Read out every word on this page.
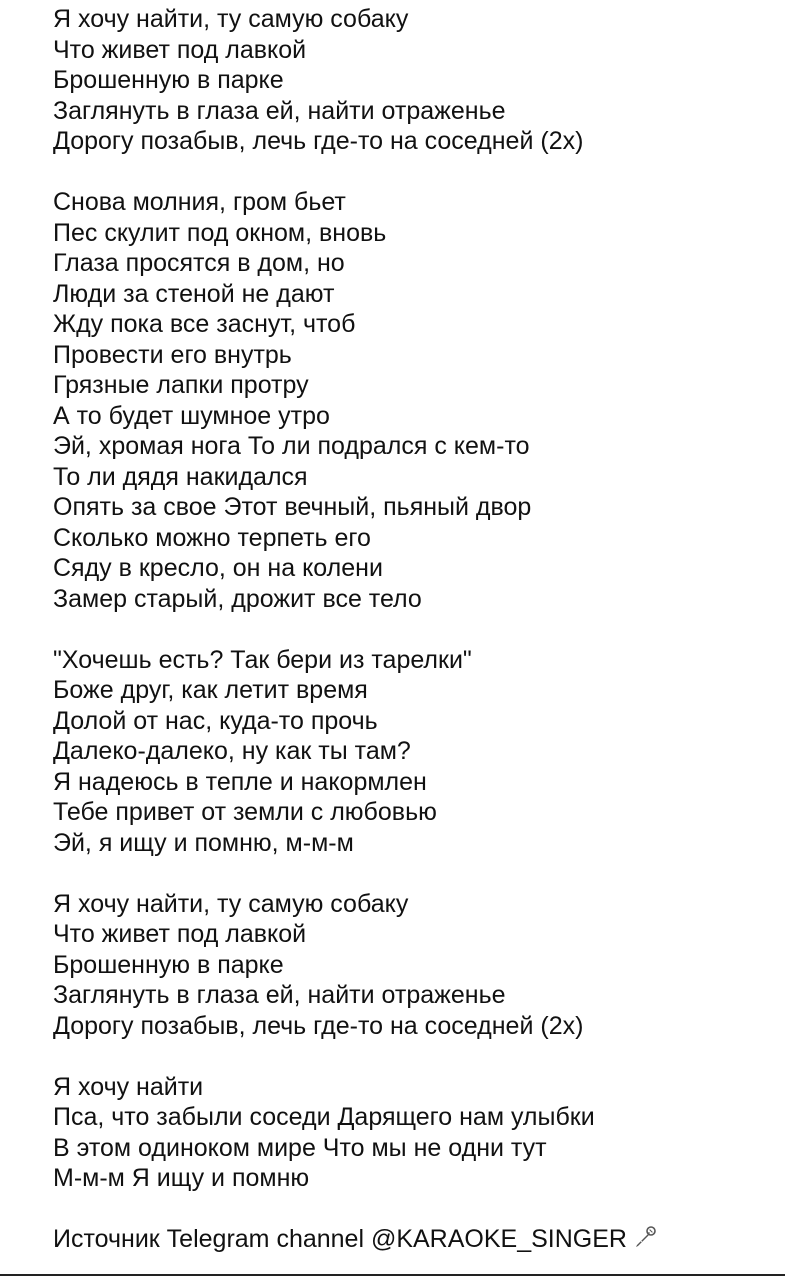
Я хочу найти, ту самую собаку
Что живет под лавкой
Брошенную в парке
Заглянуть в глаза ей, найти отраженье
Дорогу позабыв, лечь где-то на соседней (2x)
Снова молния, гром бьет
Пес скулит под окном, вновь
Глаза просятся в дом, но
Люди за стеной не дают
Жду пока все заснут, чтоб
Провести его внутрь
Грязные лапки протру
А то будет шумное утро
Эй, хромая нога То ли подрался с кем-то
То ли дядя накидался
Опять за свое Этот вечный, пьяный двор
Сколько можно терпеть его
Сяду в кресло, он на колени
Замер старый, дрожит все тело
"Хочешь есть? Так бери из тарелки"
Боже друг, как летит время
Долой от нас, куда-то прочь
Далеко-далеко, ну как ты там?
Я надеюсь в тепле и накормлен
Тебе привет от земли с любовью
Эй, я ищу и помню, м-м-м
Я хочу найти, ту самую собаку
Что живет под лавкой
Брошенную в парке
Заглянуть в глаза ей, найти отраженье
Дорогу позабыв, лечь где-то на соседней (2x)
Я хочу найти
Пса, что забыли соседи Дарящего нам улыбки
В этом одиноком мире Что мы не одни тут
М-м-м Я ищу и помню
Источник Telegram channel @KARAOKE_SINGER
